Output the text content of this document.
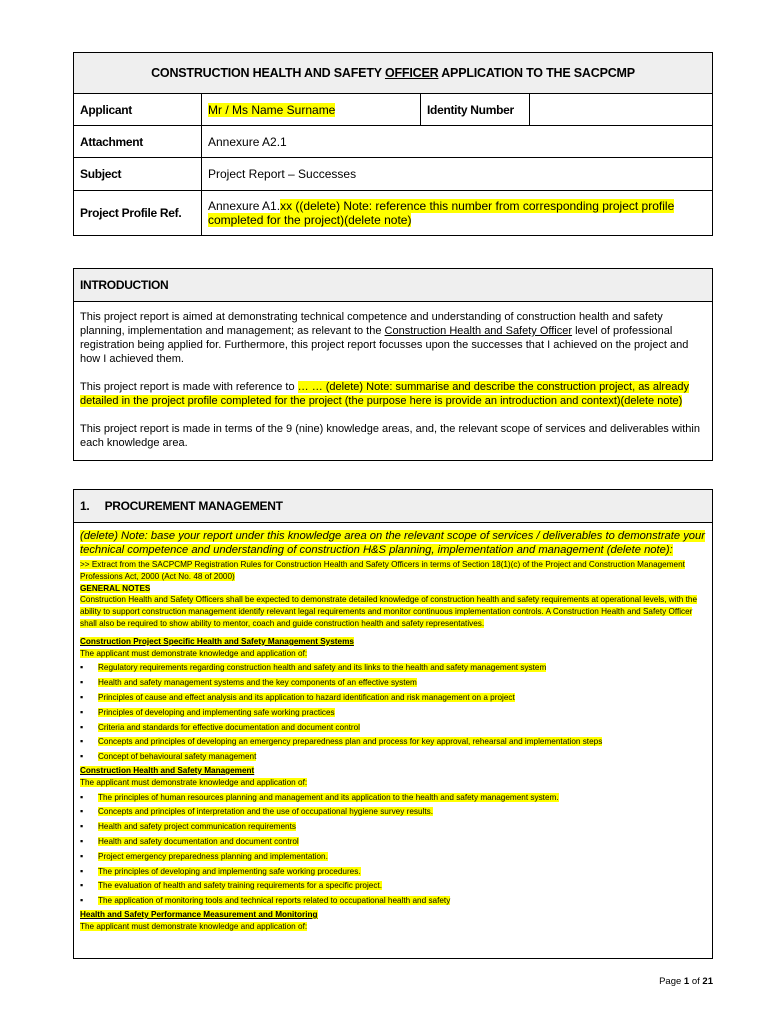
CONSTRUCTION HEALTH AND SAFETY OFFICER APPLICATION TO THE SACPCMP			
Applicant	Mr / Ms Name Surname	Identity Number	
Attachment	Annexure A2.1		
Subject	Project Report – Successes		
Project Profile Ref.	Annexure A1.xx ((delete) Note: reference this number from corresponding project profile completed for the project)(delete note)		
INTRODUCTION

This project report is aimed at demonstrating technical competence and understanding of construction health and safety planning, implementation and management; as relevant to the Construction Health and Safety Officer level of professional registration being applied for. Furthermore, this project report focusses upon the successes that I achieved on the project and how I achieved them.

This project report is made with reference to … … (delete) Note: summarise and describe the construction project, as already detailed in the project profile completed for the project (the purpose here is provide an introduction and context)(delete note)

This project report is made in terms of the 9 (nine) knowledge areas, and, the relevant scope of services and deliverables within each knowledge area.

1.     PROCUREMENT MANAGEMENT
(delete) Note: base your report under this knowledge area on the relevant scope of services / deliverables to demonstrate your technical competence and understanding of construction H&S planning, implementation and management (delete note):
>> Extract from the SACPCMP Registration Rules for Construction Health and Safety Officers in terms of Section 18(1)(c) of the Project and Construction Management Professions Act, 2000 (Act No. 48 of 2000)
GENERAL NOTES
Construction Health and Safety Officers shall be expected to demonstrate detailed knowledge of construction health and safety requirements at operational levels, with the ability to support construction management identify relevant legal requirements and monitor continuous implementation controls. A Construction Health and Safety Officer shall also be required to show ability to mentor, coach and guide construction health and safety representatives.
Construction Project Specific Health and Safety Management Systems
The applicant must demonstrate knowledge and application of:
▪ Regulatory requirements regarding construction health and safety and its links to the health and safety management system
▪ Health and safety management systems and the key components of an effective system
▪ Principles of cause and effect analysis and its application to hazard identification and risk management on a project
▪ Principles of developing and implementing safe working practices
▪ Criteria and standards for effective documentation and document control
▪ Concepts and principles of developing an emergency preparedness plan and process for key approval, rehearsal and implementation steps
▪ Concept of behavioural safety management
Construction Health and Safety Management
The applicant must demonstrate knowledge and application of:
▪ The principles of human resources planning and management and its application to the health and safety management system.
▪ Concepts and principles of interpretation and the use of occupational hygiene survey results.
▪ Health and safety project communication requirements
▪ Health and safety documentation and document control
▪ Project emergency preparedness planning and implementation.
▪ The principles of developing and implementing safe working procedures.
▪ The evaluation of health and safety training requirements for a specific project.
▪ The application of monitoring tools and technical reports related to occupational health and safety
Health and Safety Performance Measurement and Monitoring
The applicant must demonstrate knowledge and application of:
Page 1 of 21
